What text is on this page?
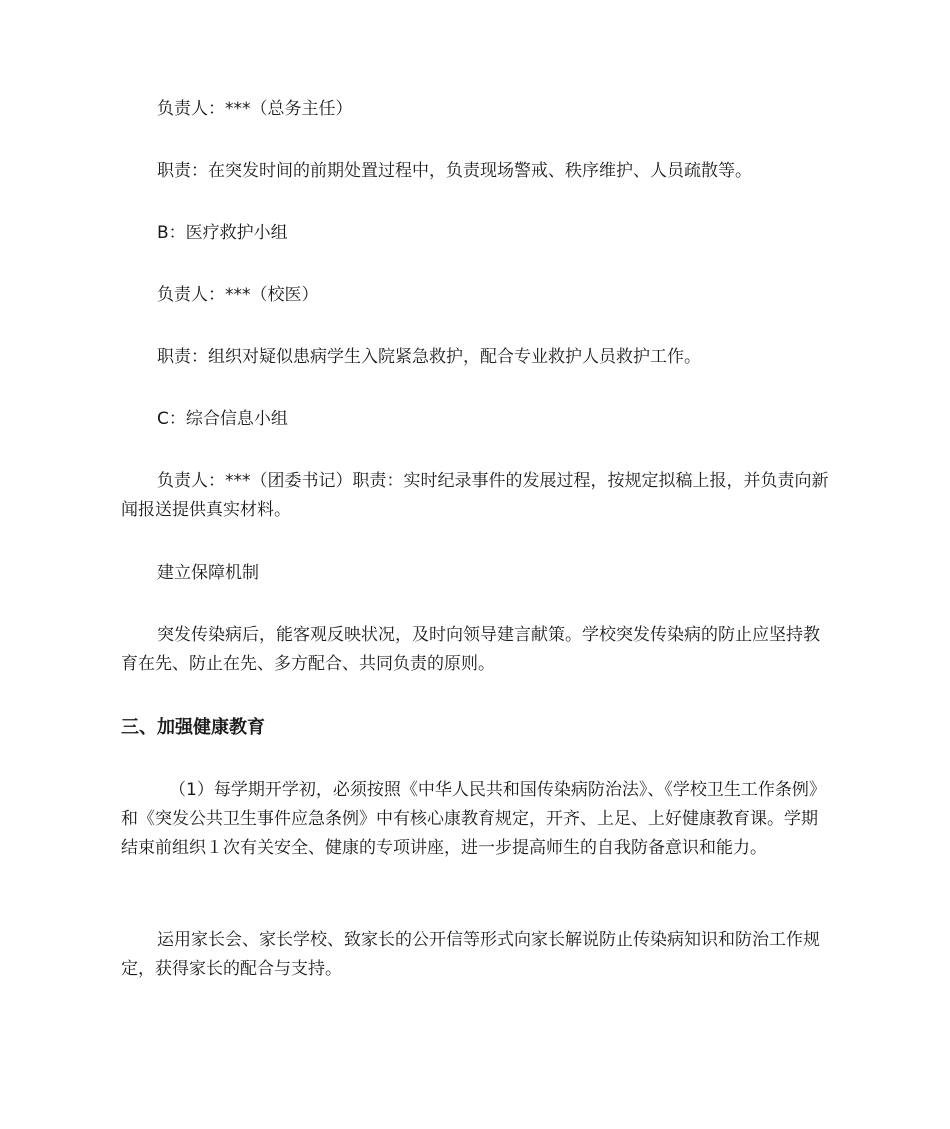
负责人：***（总务主任）

职责：在突发时间的前期处置过程中，负责现场警戒、秩序维护、人员疏散等。

B：医疗救护小组

负责人：***（校医）

职责：组织对疑似患病学生入院紧急救护，配合专业救护人员救护工作。

C：综合信息小组

负责人：***（团委书记）职责：实时纪录事件的发展过程，按规定拟稿上报，并负责向新闻报送提供真实材料。

建立保障机制

突发传染病后，能客观反映状况，及时向领导建言献策。学校突发传染病的防止应坚持教育在先、防止在先、多方配合、共同负责的原则。

三、加强健康教育

（1）每学期开学初，必须按照《中华人民共和国传染病防治法》、《学校卫生工作条例》和《突发公共卫生事件应急条例》中有核心康教育规定，开齐、上足、上好健康教育课。学期结束前组织１次有关安全、健康的专项讲座，进一步提高师生的自我防备意识和能力。

运用家长会、家长学校、致家长的公开信等形式向家长解说防止传染病知识和防治工作规定，获得家长的配合与支持。
